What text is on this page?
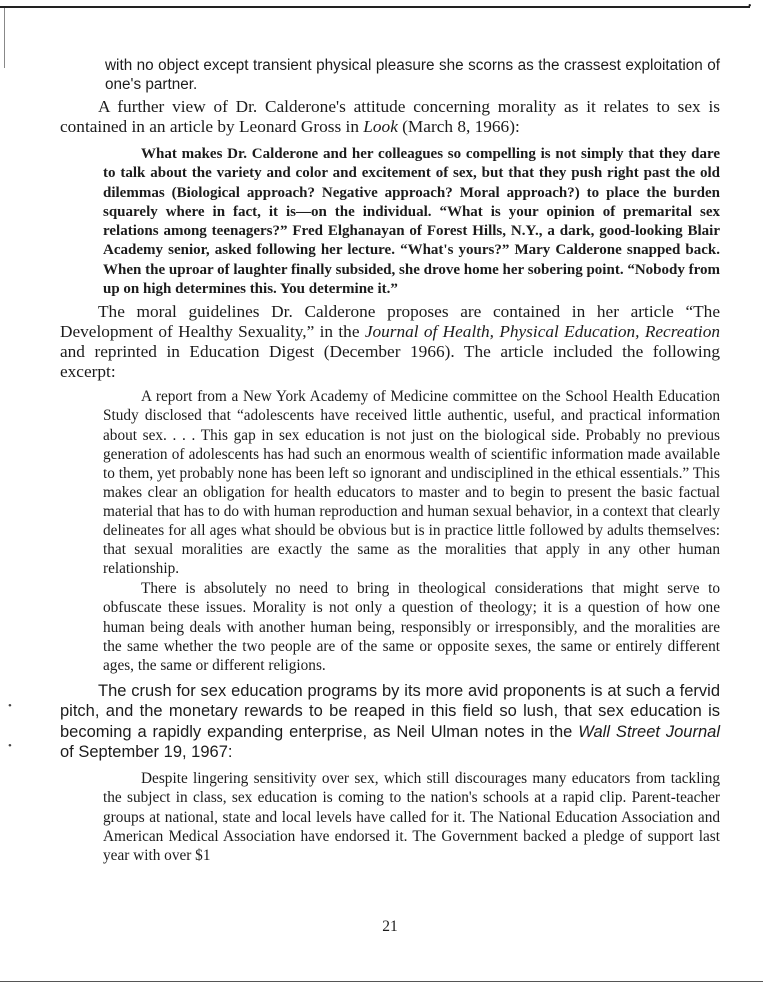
•

with no object except transient physical pleasure she scorns as the crassest exploitation of one's partner.

A further view of Dr. Calderone's attitude concerning morality as it relates to sex is contained in an article by Leonard Gross in Look (March 8, 1966):

What makes Dr. Calderone and her colleagues so compelling is not simply that they dare to talk about the variety and color and excitement of sex, but that they push right past the old dilemmas (Biological approach? Negative approach? Moral approach?) to place the burden squarely where in fact, it is—on the individual. “What is your opinion of premarital sex relations among teenagers?” Fred Elghanayan of Forest Hills, N.Y., a dark, good-looking Blair Academy senior, asked following her lecture. “What's yours?” Mary Calderone snapped back. When the uproar of laughter finally subsided, she drove home her sobering point. “Nobody from up on high determines this. You determine it.”

The moral guidelines Dr. Calderone proposes are contained in her article “The Development of Healthy Sexuality,” in the Journal of Health, Physical Education, Recreation and reprinted in Education Digest (December 1966). The article included the following excerpt:

A report from a New York Academy of Medicine committee on the School Health Education Study disclosed that “adolescents have received little authentic, useful, and practical information about sex. . . . This gap in sex education is not just on the biological side. Probably no previous generation of adolescents has had such an enormous wealth of scientific information made available to them, yet probably none has been left so ignorant and undisciplined in the ethical essentials.” This makes clear an obligation for health educators to master and to begin to present the basic factual material that has to do with human reproduction and human sexual behavior, in a context that clearly delineates for all ages what should be obvious but is in practice little followed by adults themselves: that sexual moralities are exactly the same as the moralities that apply in any other human relationship.

There is absolutely no need to bring in theological considerations that might serve to obfuscate these issues. Morality is not only a question of theology; it is a question of how one human being deals with another human being, responsibly or irresponsibly, and the moralities are the same whether the two people are of the same or opposite sexes, the same or entirely different ages, the same or different religions.

The crush for sex education programs by its more avid proponents is at such a fervid pitch, and the monetary rewards to be reaped in this field so lush, that sex education is becoming a rapidly expanding enterprise, as Neil Ulman notes in the Wall Street Journal of September 19, 1967:

Despite lingering sensitivity over sex, which still discourages many educators from tackling the subject in class, sex education is coming to the nation's schools at a rapid clip. Parent-teacher groups at national, state and local levels have called for it. The National Education Association and American Medical Association have endorsed it. The Government backed a pledge of support last year with over $1

21
•
•
